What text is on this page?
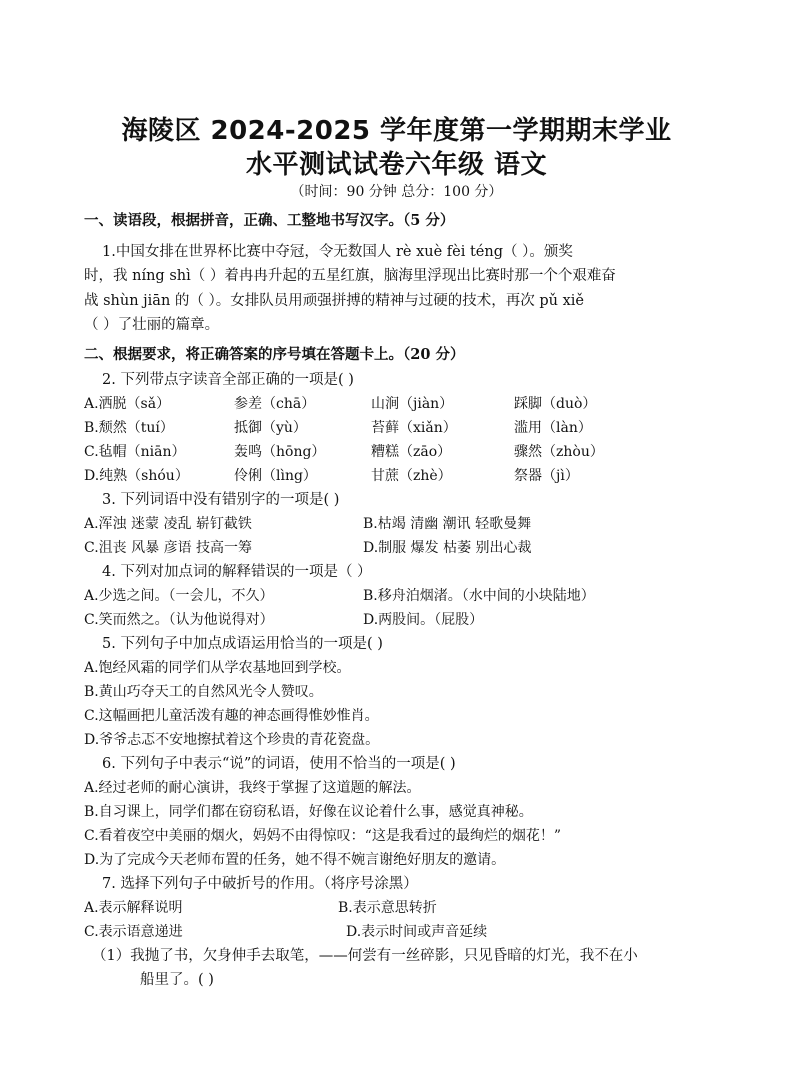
海陵区 2024-2025 学年度第一学期期末学业
水平测试试卷六年级 语文
（时间：90 分钟 总分：100 分）
一、读语段，根据拼音，正确、工整地书写汉字。（5 分）
1.中国女排在世界杯比赛中夺冠，令无数国人 rè xuè fèi téng（ ）。颁奖
时，我 níng shì（ ）着冉冉升起的五星红旗，脑海里浮现出比赛时那一个个艰难奋
战 shùn jiān 的（ ）。女排队员用顽强拼搏的精神与过硬的技术，再次 pǔ xiě
（ ）了壮丽的篇章。
二、根据要求，将正确答案的序号填在答题卡上。（20 分）
2. 下列带点字读音全部正确的一项是( )
A.洒脱（sǎ）	参差（chā）	山涧（jiàn）	踩脚（duò）
B.颓然（tuí）	抵御（yù）	苔藓（xiǎn）	滥用（làn）
C.毡帽（niān）	轰鸣（hōng）	糟糕（zāo）	骤然（zhòu）
D.纯熟（shóu）	伶俐（lìng）	甘蔗（zhè）	祭器（jì）
3. 下列词语中没有错别字的一项是( )
A.浑浊 迷蒙 凌乱 崭钉截铁	B.枯竭 清幽 潮讯 轻歌曼舞
C.沮丧 风暴 彦语 技高一筹	D.制服 爆发 枯萎 别出心裁
4. 下列对加点词的解释错误的一项是（ ）
A.少选之间。（一会儿，不久）	B.移舟泊烟渚。（水中间的小块陆地）
C.笑而然之。（认为他说得对）	D.两股间。（屁股）
5. 下列句子中加点成语运用恰当的一项是( )
A.饱经风霜的同学们从学农基地回到学校。
B.黄山巧夺天工的自然风光令人赞叹。
C.这幅画把儿童活泼有趣的神态画得惟妙惟肖。
D.爷爷忐忑不安地擦拭着这个珍贵的青花瓷盘。
6. 下列句子中表示“说”的词语，使用不恰当的一项是( )
A.经过老师的耐心演讲，我终于掌握了这道题的解法。
B.自习课上，同学们都在窃窃私语，好像在议论着什么事，感觉真神秘。
C.看着夜空中美丽的烟火，妈妈不由得惊叹：“这是我看过的最绚烂的烟花！”
D.为了完成今天老师布置的任务，她不得不婉言谢绝好朋友的邀请。
7. 选择下列句子中破折号的作用。（将序号涂黑）
A.表示解释说明	B.表示意思转折
C.表示语意递进	D.表示时间或声音延续
（1）我抛了书，欠身伸手去取笔，——何尝有一丝碎影，只见昏暗的灯光，我不在小
船里了。( )
